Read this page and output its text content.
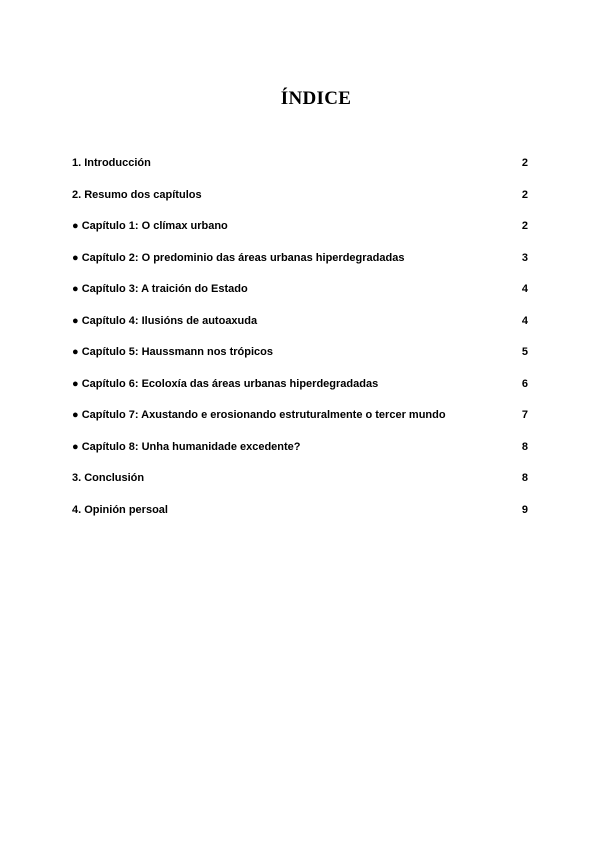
ÍNDICE
1. Introducción	2
2. Resumo dos capítulos	2
● Capítulo 1: O clímax urbano	2
● Capítulo 2: O predominio das áreas urbanas hiperdegradadas	3
● Capítulo 3: A traición do Estado	4
● Capítulo 4: Ilusións de autoaxuda	4
● Capítulo 5: Haussmann nos trópicos	5
● Capítulo 6: Ecoloxía das áreas urbanas hiperdegradadas	6
● Capítulo 7: Axustando e erosionando estruturalmente o tercer mundo	7
● Capítulo 8: Unha humanidade excedente?	8
3. Conclusión	8
4. Opinión persoal	9
